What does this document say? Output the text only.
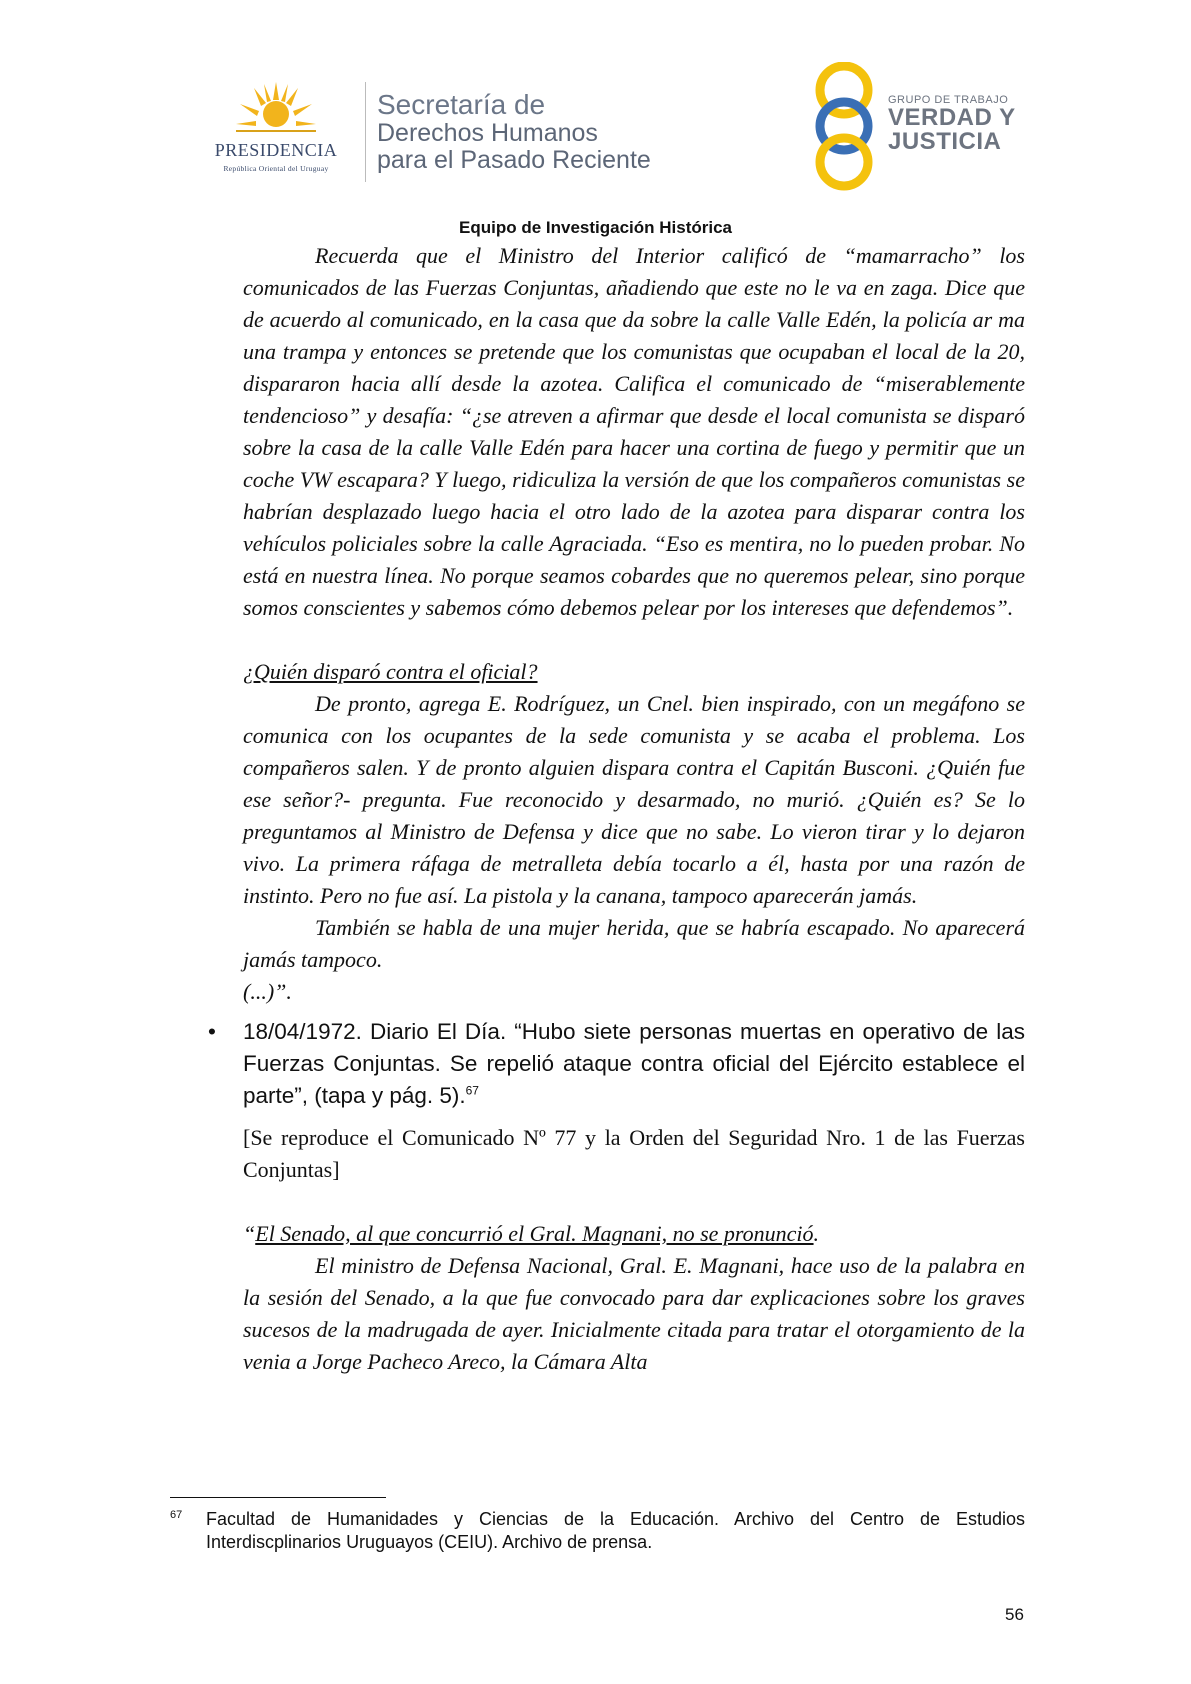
PRESIDENCIA
República Oriental del Uruguay
Secretaría de
Derechos Humanos
para el Pasado Reciente
GRUPO DE TRABAJO
VERDAD Y
JUSTICIA
Equipo de Investigación Histórica

Recuerda que el Ministro del Interior calificó de “mamarracho” los comunicados de las Fuerzas Conjuntas, añadiendo que este no le va en zaga. Dice que de acuerdo al comunicado, en la casa que da sobre la calle Valle Edén, la policía ar ma una trampa y entonces se pretende que los comunistas que ocupaban el local de la 20, dispararon hacia allí desde la azotea. Califica el comunicado de “miserablemente tendencioso” y desafía: “¿se atreven a afirmar que desde el local comunista se disparó sobre la casa de la calle Valle Edén para hacer una cortina de fuego y permitir que un coche VW escapara? Y luego, ridiculiza la versión de que los compañeros comunistas se habrían desplazado luego hacia el otro lado de la azotea para disparar contra los vehículos policiales sobre la calle Agraciada. “Eso es mentira, no lo pueden probar. No está en nuestra línea. No porque seamos cobardes que no queremos pelear, sino porque somos conscientes y sabemos cómo debemos pelear por los intereses que defendemos”.

¿Quién disparó contra el oficial?

De pronto, agrega E. Rodríguez, un Cnel. bien inspirado, con un megáfono se comunica con los ocupantes de la sede comunista y se acaba el problema. Los compañeros salen. Y de pronto alguien dispara contra el Capitán Busconi. ¿Quién fue ese señor?- pregunta. Fue reconocido y desarmado, no murió. ¿Quién es? Se lo preguntamos al Ministro de Defensa y dice que no sabe. Lo vieron tirar y lo dejaron vivo. La primera ráfaga de metralleta debía tocarlo a él, hasta por una razón de instinto. Pero no fue así. La pistola y la canana, tampoco aparecerán jamás.

También se habla de una mujer herida, que se habría escapado. No aparecerá jamás tampoco.

(...)”.

• 18/04/1972. Diario El Día. “Hubo siete personas muertas en operativo de las Fuerzas Conjuntas. Se repelió ataque contra oficial del Ejército establece el parte”, (tapa y pág. 5).$^{67}$

[Se reproduce el Comunicado Nº 77 y la Orden del Seguridad Nro. 1 de las Fuerzas Conjuntas]

“El Senado, al que concurrió el Gral. Magnani, no se pronunció.

El ministro de Defensa Nacional, Gral. E. Magnani, hace uso de la palabra en la sesión del Senado, a la que fue convocado para dar explicaciones sobre los graves sucesos de la madrugada de ayer. Inicialmente citada para tratar el otorgamiento de la venia a Jorge Pacheco Areco, la Cámara Alta

67 Facultad de Humanidades y Ciencias de la Educación. Archivo del Centro de Estudios Interdiscplinarios Uruguayos (CEIU). Archivo de prensa.
56
